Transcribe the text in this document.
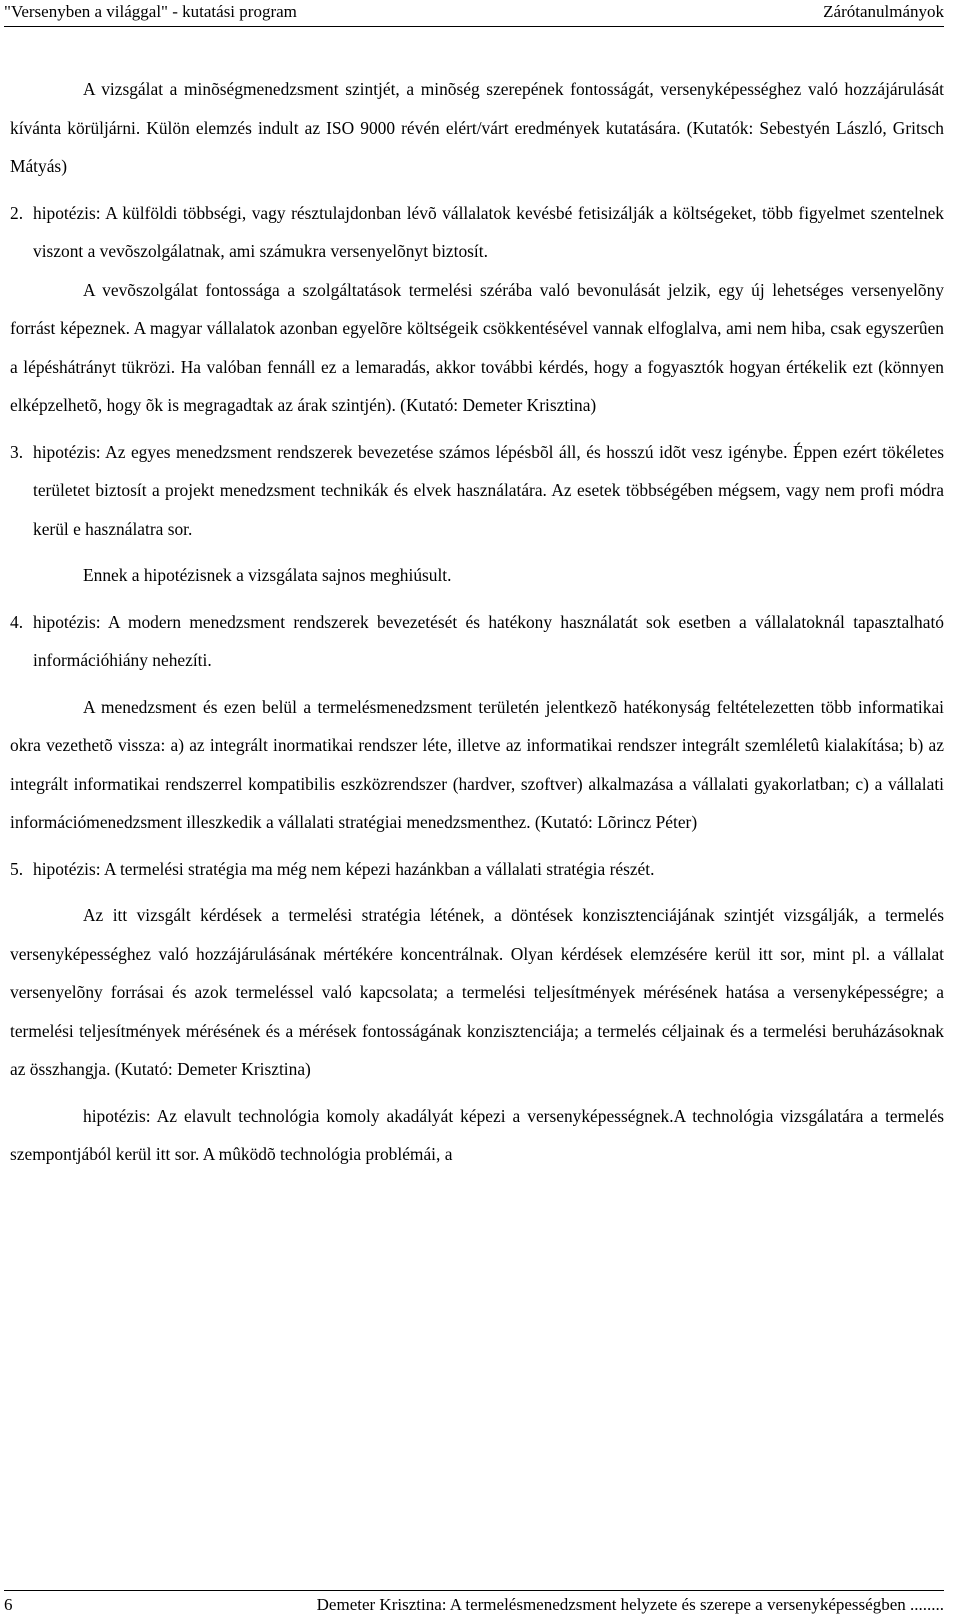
"Versenyben a világgal" - kutatási program	Zárótanulmányok

A vizsgálat a minõségmenedzsment szintjét, a minõség szerepének fontosságát, versenyképességhez való hozzájárulását kívánta körüljárni. Külön elemzés indult az ISO 9000 révén elért/várt eredmények kutatására. (Kutatók: Sebestyén László, Gritsch Mátyás)

2. hipotézis: A külföldi többségi, vagy résztulajdonban lévõ vállalatok kevésbé fetisizálják a költségeket, több figyelmet szentelnek viszont a vevõszolgálatnak, ami számukra versenyelõnyt biztosít.

A vevõszolgálat fontossága a szolgáltatások termelési szérába való bevonulását jelzik, egy új lehetséges versenyelõny forrást képeznek. A magyar vállalatok azonban egyelõre költségeik csökkentésével vannak elfoglalva, ami nem hiba, csak egyszerûen a lépéshátrányt tükrözi. Ha valóban fennáll ez a lemaradás, akkor további kérdés, hogy a fogyasztók hogyan értékelik ezt (könnyen elképzelhetõ, hogy õk is megragadtak az árak szintjén). (Kutató: Demeter Krisztina)

3. hipotézis: Az egyes menedzsment rendszerek bevezetése számos lépésbõl áll, és hosszú idõt vesz igénybe. Éppen ezért tökéletes területet biztosít a projekt menedzsment technikák és elvek használatára. Az esetek többségében mégsem, vagy nem profi módra kerül e használatra sor.

Ennek a hipotézisnek a vizsgálata sajnos meghiúsult.

4. hipotézis: A modern menedzsment rendszerek bevezetését és hatékony használatát sok esetben a vállalatoknál tapasztalható információhiány nehezíti.

A menedzsment és ezen belül a termelésmenedzsment területén jelentkezõ hatékonyság feltételezetten több informatikai okra vezethetõ vissza: a) az integrált inormatikai rendszer léte, illetve az informatikai rendszer integrált szemléletû kialakítása; b) az integrált informatikai rendszerrel kompatibilis eszközrendszer (hardver, szoftver) alkalmazása a vállalati gyakorlatban; c) a vállalati információmenedzsment illeszkedik a vállalati stratégiai menedzsmenthez. (Kutató: Lõrincz Péter)

5. hipotézis: A termelési stratégia ma még nem képezi hazánkban a vállalati stratégia részét.

Az itt vizsgált kérdések a termelési stratégia létének, a döntések konzisztenciájának szintjét vizsgálják, a termelés versenyképességhez való hozzájárulásának mértékére koncentrálnak. Olyan kérdések elemzésére kerül itt sor, mint pl. a vállalat versenyelõny forrásai és azok termeléssel való kapcsolata; a termelési teljesítmények mérésének hatása a versenyképességre; a termelési teljesítmények mérésének és a mérések fontosságának konzisztenciája; a termelés céljainak és a termelési beruházásoknak az összhangja. (Kutató: Demeter Krisztina)

hipotézis: Az elavult technológia komoly akadályát képezi a versenyképességnek.A technológia vizsgálatára a termelés szempontjából kerül itt sor. A mûködõ technológia problémái, a

6	Demeter Krisztina: A termelésmenedzsment helyzete és szerepe a versenyképességben ........
